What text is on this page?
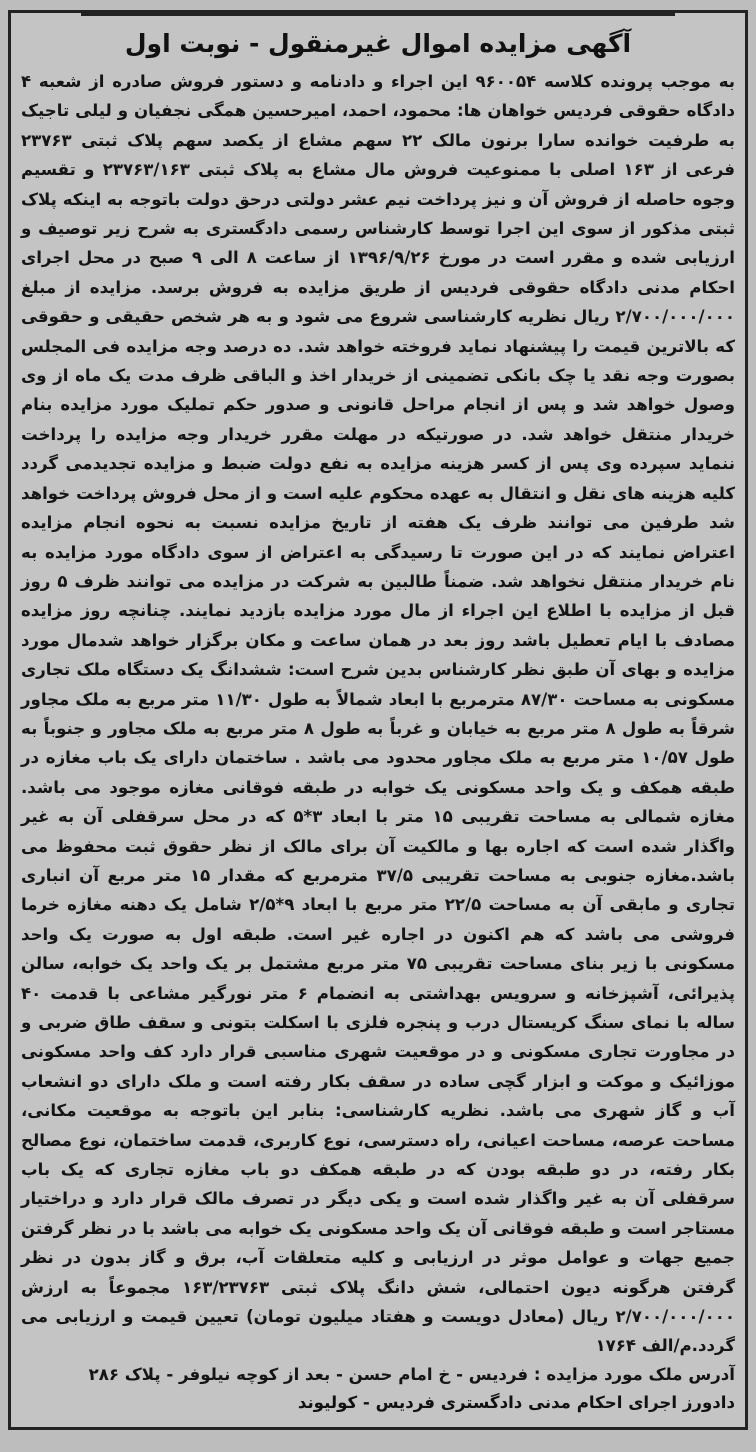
آگهی مزایده اموال غیرمنقول - نوبت اول

به موجب پرونده کلاسه ۹۶۰۰۵۴ این اجراء و دادنامه و دستور فروش صادره از شعبه ۴ دادگاه حقوقی فردیس خواهان ها: محمود، احمد، امیرحسین همگی نجفیان و لیلی تاجیک به طرفیت خوانده سارا برنون مالک ۲۲ سهم مشاع از یکصد سهم پلاک ثبتی ۲۳۷۶۳ فرعی از ۱۶۳ اصلی با ممنوعیت فروش مال مشاع به پلاک ثبتی ۲۳۷۶۳/۱۶۳ و تقسیم وجوه حاصله از فروش آن و نیز پرداخت نیم عشر دولتی درحق دولت باتوجه به اینکه پلاک ثبتی مذکور از سوی این اجرا توسط کارشناس رسمی دادگستری به شرح زیر توصیف و ارزیابی شده و مقرر است در مورخ ۱۳۹۶/۹/۲۶ از ساعت ۸ الی ۹ صبح در محل اجرای احکام مدنی دادگاه حقوقی فردیس از طریق مزایده به فروش برسد. مزایده از مبلغ ۲/۷۰۰/۰۰۰/۰۰۰ ریال نظریه کارشناسی شروع می شود و به هر شخص حقیقی و حقوقی که بالاترین قیمت را پیشنهاد نماید فروخته خواهد شد. ده درصد وجه مزایده فی المجلس بصورت وجه نقد یا چک بانکی تضمینی از خریدار اخذ و الباقی ظرف مدت یک ماه از وی وصول خواهد شد و پس از انجام مراحل قانونی و صدور حکم تملیک مورد مزایده بنام خریدار منتقل خواهد شد. در صورتیکه در مهلت مقرر خریدار وجه مزایده را پرداخت ننماید سپرده وی پس از کسر هزینه مزایده به نفع دولت ضبط و مزایده تجدیدمی گردد کلیه هزینه های نقل و انتقال به عهده محکوم علیه است و از محل فروش پرداخت خواهد شد طرفین می توانند ظرف یک هفته از تاریخ مزایده نسبت به نحوه انجام مزایده اعتراض نمایند که در این صورت تا رسیدگی به اعتراض از سوی دادگاه مورد مزایده به نام خریدار منتقل نخواهد شد. ضمناً طالبین به شرکت در مزایده می توانند ظرف ۵ روز قبل از مزایده با اطلاع این اجراء از مال مورد مزایده بازدید نمایند. چنانچه روز مزایده مصادف با ایام تعطیل باشد روز بعد در همان ساعت و مکان برگزار خواهد شدمال مورد مزایده و بهای آن طبق نظر کارشناس بدین شرح است: ششدانگ یک دستگاه ملک تجاری مسکونی به مساحت ۸۷/۳۰ مترمربع با ابعاد شمالاً به طول ۱۱/۳۰ متر مربع به ملک مجاور شرقاً به طول ۸ متر مربع به خیابان و غرباً به طول ۸ متر مربع به ملک مجاور و جنوباً به طول ۱۰/۵۷ متر مربع به ملک مجاور محدود می باشد . ساختمان دارای یک باب مغازه در طبقه همکف و یک واحد مسکونی یک خوابه در طبقه فوقانی مغازه موجود می باشد. مغازه شمالی به مساحت تقریبی ۱۵ متر با ابعاد ۳*۵ که در محل سرقفلی آن به غیر واگذار شده است که اجاره بها و مالکیت آن برای مالک از نظر حقوق ثبت محفوظ می باشد.مغازه جنوبی به مساحت تقریبی ۳۷/۵ مترمربع که مقدار ۱۵ متر مربع آن انباری تجاری و مابقی آن به مساحت ۲۲/۵ متر مربع با ابعاد ۹*۲/۵ شامل یک دهنه مغازه خرما فروشی می باشد که هم اکنون در اجاره غیر است. طبقه اول به صورت یک واحد مسکونی با زیر بنای مساحت تقریبی ۷۵ متر مربع مشتمل بر یک واحد یک خوابه، سالن پذیرائی، آشپزخانه و سرویس بهداشتی به انضمام ۶ متر نورگیر مشاعی با قدمت ۴۰ ساله با نمای سنگ کریستال درب و پنجره فلزی با اسکلت بتونی و سقف طاق ضربی و در مجاورت تجاری مسکونی و در موقعیت شهری مناسبی قرار دارد کف واحد مسکونی موزائیک و موکت و ابزار گچی ساده در سقف بکار رفته است و ملک دارای دو انشعاب آب و گاز شهری می باشد. نظریه کارشناسی: بنابر این باتوجه به موقعیت مکانی، مساحت عرصه، مساحت اعیانی، راه دسترسی، نوع کاربری، قدمت ساختمان، نوع مصالح بکار رفته، در دو طبقه بودن که در طبقه همکف دو باب مغازه تجاری که یک باب سرقفلی آن به غیر واگذار شده است و یکی دیگر در تصرف مالک قرار دارد و دراختیار مستاجر است و طبقه فوقانی آن یک واحد مسکونی یک خوابه می باشد با در نظر گرفتن جمیع جهات و عوامل موثر در ارزیابی و کلیه متعلقات آب، برق و گاز بدون در نظر گرفتن هرگونه دیون احتمالی، شش دانگ پلاک ثبتی ۱۶۳/۲۳۷۶۳ مجموعاً به ارزش ۲/۷۰۰/۰۰۰/۰۰۰ ریال (معادل دویست و هفتاد میلیون تومان) تعیین قیمت و ارزیابی می گردد.م/الف ۱۷۶۴

آدرس ملک مورد مزایده : فردیس - خ امام حسن - بعد از کوچه نیلوفر - پلاک ۲۸۶
دادورز اجرای احکام مدنی دادگستری فردیس - کولیوند
